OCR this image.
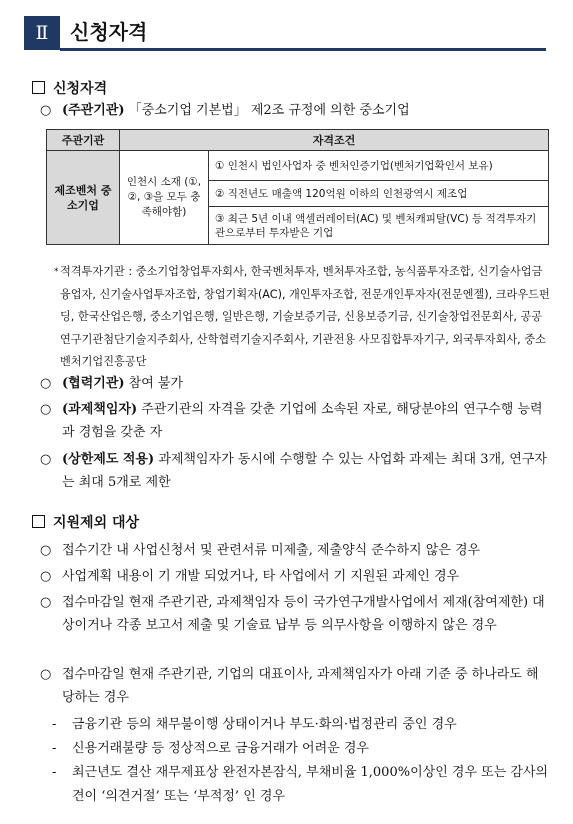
Ⅱ	신청자격
신청자격
○ (주관기관) 「중소기업 기본법」 제2조 규정에 의한 중소기업
주관기관	자격조건	
제조벤처 중소기업	인천시 소재 (①, ②, ③을 모두 충족해야함)	① 인천시 법인사업자 중 벤처인증기업(벤처기업확인서 보유)
		② 직전년도 매출액 120억원 이하의 인천광역시 제조업
		③ 최근 5년 이내 액셀러레이터(AC) 및 벤처캐피탈(VC) 등 적격투자기관으로부터 투자받은 기업
* 적격투자기관 : 중소기업창업투자회사, 한국벤처투자, 벤처투자조합, 농식품투자조합, 신기술사업금융업자, 신기술사업투자조합, 창업기획자(AC), 개인투자조합, 전문개인투자자(전문엔젤), 크라우드펀딩, 한국산업은행, 중소기업은행, 일반은행, 기술보증기금, 신용보증기금, 신기술창업전문회사, 공공연구기관첨단기술지주회사, 산학협력기술지주회사, 기관전용 사모집합투자기구, 외국투자회사, 중소벤처기업진흥공단
○ (협력기관) 참여 불가
○ (과제책임자) 주관기관의 자격을 갖춘 기업에 소속된 자로, 해당분야의 연구수행 능력과 경험을 갖춘 자
○ (상한제도 적용) 과제책임자가 동시에 수행할 수 있는 사업화 과제는 최대 3개, 연구자는 최대 5개로 제한
지원제외 대상
○ 접수기간 내 사업신청서 및 관련서류 미제출, 제출양식 준수하지 않은 경우
○ 사업계획 내용이 기 개발 되었거나, 타 사업에서 기 지원된 과제인 경우
○ 접수마감일 현재 주관기관, 과제책임자 등이 국가연구개발사업에서 제재(참여제한) 대상이거나 각종 보고서 제출 및 기술료 납부 등 의무사항을 이행하지 않은 경우
○ 접수마감일 현재 주관기관, 기업의 대표이사, 과제책임자가 아래 기준 중 하나라도 해당하는 경우
- 금융기관 등의 채무불이행 상태이거나 부도·화의·법정관리 중인 경우
- 신용거래불량 등 정상적으로 금융거래가 어려운 경우
- 최근년도 결산 재무제표상 완전자본잠식, 부채비율 1,000%이상인 경우 또는 감사의견이 ‘의견거절’ 또는 ‘부적정’ 인 경우
